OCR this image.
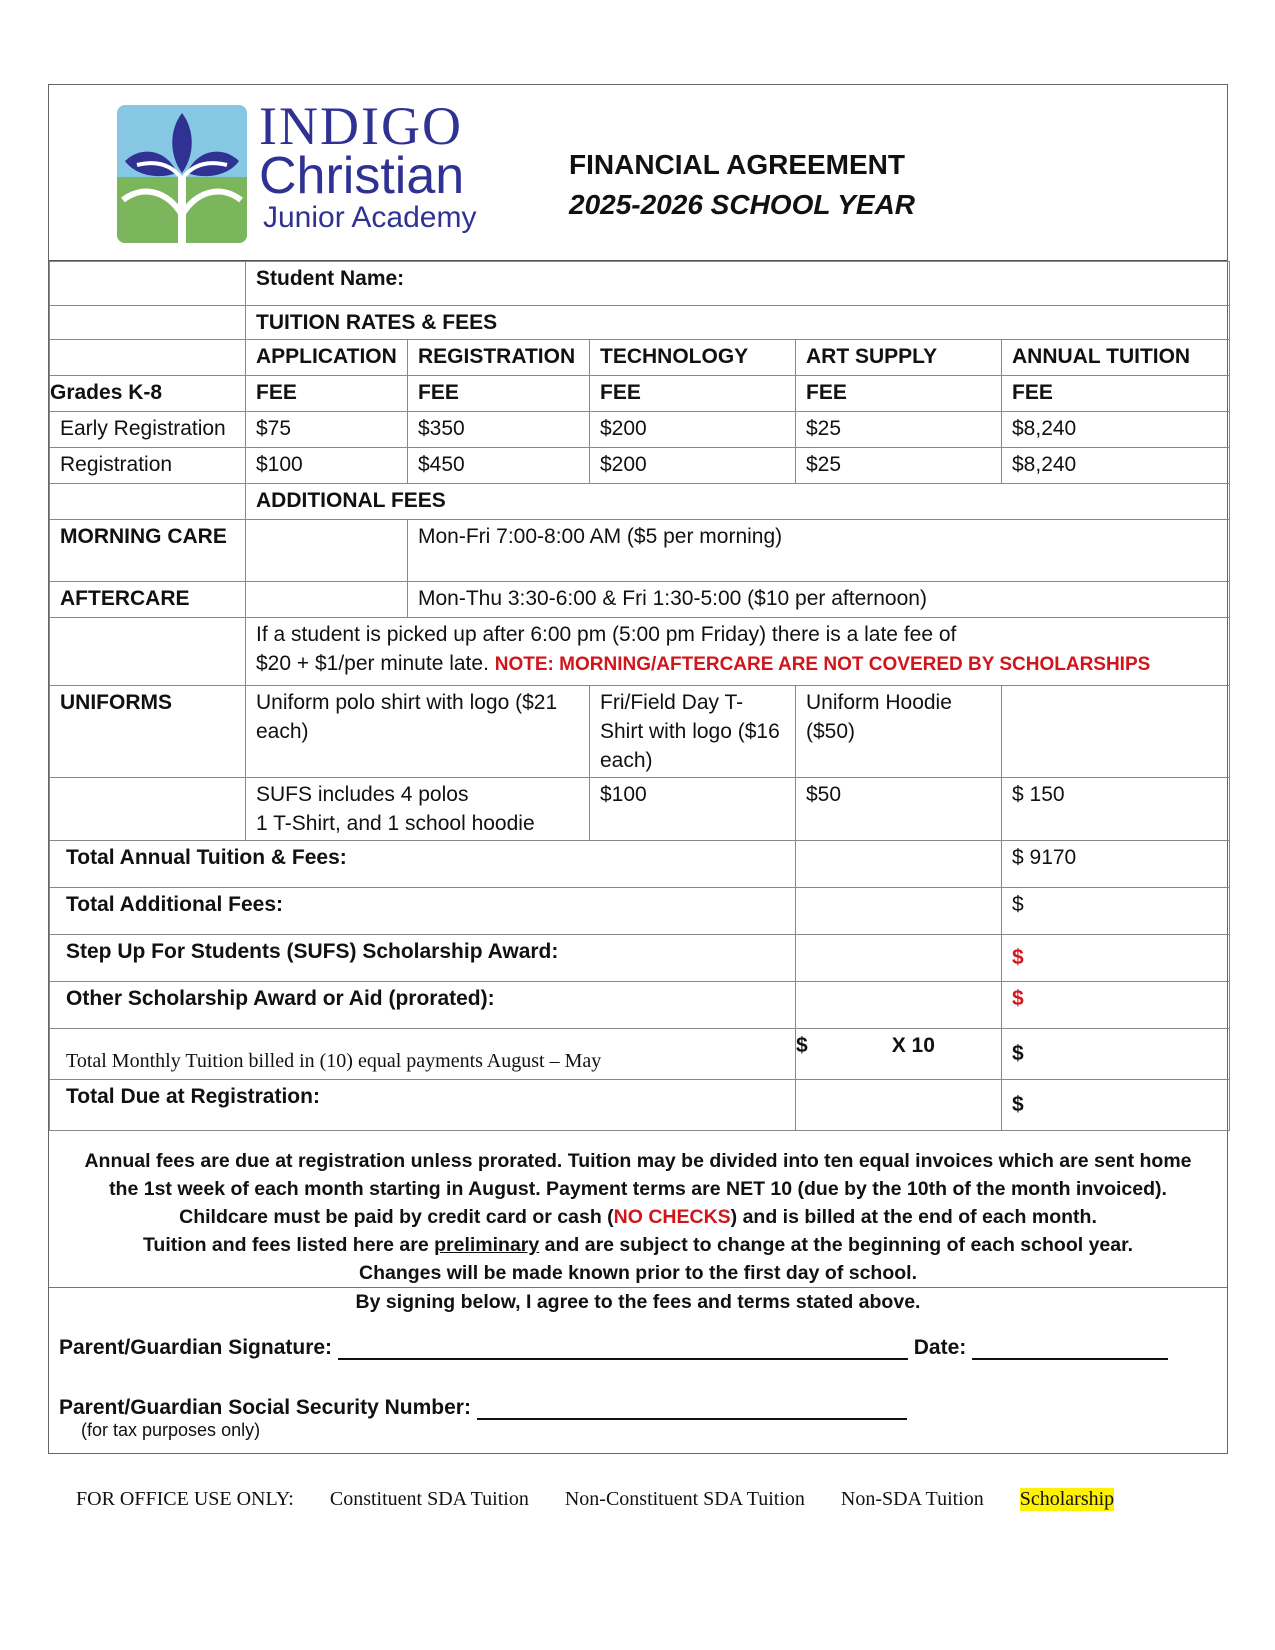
INDIGO
Christian
Junior Academy
FINANCIAL AGREEMENT
2025-2026 SCHOOL YEAR
	Student Name:				
	TUITION RATES & FEES				
	APPLICATION	REGISTRATION	TECHNOLOGY	ART SUPPLY	ANNUAL TUITION
Grades K-8	FEE	FEE	FEE	FEE	FEE
Early Registration	$75	$350	$200	$25	$8,240
Registration	$100	$450	$200	$25	$8,240
	ADDITIONAL FEES				
MORNING CARE		Mon-Fri 7:00-8:00 AM ($5 per morning)			
AFTERCARE		Mon-Thu 3:30-6:00 & Fri 1:30-5:00 ($10 per afternoon)			

	If a student is picked up after 6:00 pm (5:00 pm Friday) there is a late fee of
$20 + $1/per minute late. NOTE: MORNING/AFTERCARE ARE NOT COVERED BY SCHOLARSHIPS				

UNIFORMS	Uniform polo shirt with logo ($21 each)		Fri/Field Day T-Shirt with logo ($16 each)	Uniform Hoodie ($50)	

	SUFS includes 4 polos
1 T-Shirt, and 1 school hoodie		$100	$50	$ 150
Total Annual Tuition & Fees:					$ 9170
Total Additional Fees:					$
Step Up For Students (SUFS) Scholarship Award:					$
Other Scholarship Award or Aid (prorated):					$
Total Monthly Tuition billed in (10) equal payments August – May				$ X 10	$
Total Due at Registration:					$
Annual fees are due at registration unless prorated. Tuition may be divided into ten equal invoices which are sent home
the 1st week of each month starting in August. Payment terms are NET 10 (due by the 10th of the month invoiced).
Childcare must be paid by credit card or cash (NO CHECKS) and is billed at the end of each month.
Tuition and fees listed here are preliminary and are subject to change at the beginning of each school year.
Changes will be made known prior to the first day of school.
By signing below, I agree to the fees and terms stated above.
Parent/Guardian Signature:	Date:
Parent/Guardian Social Security Number:
(for tax purposes only)
FOR OFFICE USE ONLY: Constituent SDA Tuition Non-Constituent SDA Tuition Non-SDA Tuition Scholarship
